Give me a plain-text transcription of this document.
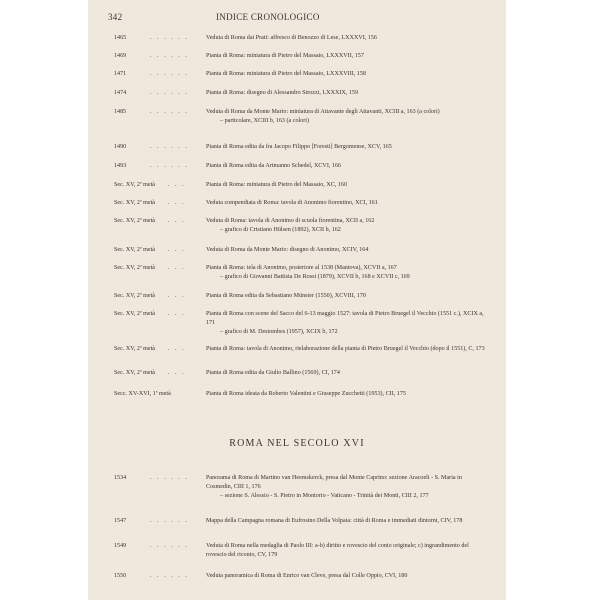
342	INDICE CRONOLOGICO
1465	. . . . . .	Veduta di Roma dai Prati: affresco di Benozzo di Lese, LXXXVI, 156
1469	. . . . . .	Pianta di Roma: miniatura di Pietro del Massaio, LXXXVII, 157
1471	. . . . . .	Pianta di Roma: miniatura di Pietro del Massaio, LXXXVIII, 158
1474	. . . . . .	Pianta di Roma: disegno di Alessandro Strozzi, LXXXIX, 159
1485	. . . . . .	Veduta di Roma da Monte Mario: miniatura di Attavante degli Attavanti, XCIII a, 163 (a colori)
– particolare, XCIII b, 163 (a colori)
1490	. . . . . .	Pianta di Roma edita da fra Jacopo Filippo [Foresti] Bergomense, XCV, 165
1493	. . . . . .	Pianta di Roma edita da Artmanno Schedel, XCVI, 166
Sec. XV, 2ª metà . . .	Pianta di Roma: miniatura di Pietro del Massaio, XC, 160
Sec. XV, 2ª metà . . .	Veduta compendiata di Roma: tavola di Anonimo fiorentino, XCI, 161
Sec. XV, 2ª metà . . .	Veduta di Roma: tavola di Anonimo di scuola fiorentina, XCII a, 162
– grafico di Cristiano Hülsen (1892), XCII b, 162
Sec. XV, 2ª metà . . .	Veduta di Roma da Monte Mario: disegno di Anonimo, XCIV, 164
Sec. XV, 2ª metà . . .	Pianta di Roma: tela di Anonimo, posteriore al 1538 (Mantova), XCVII a, 167
– grafico di Giovanni Battista De Rossi (1879), XCVII b, 168 e XCVII c, 169
Sec. XV, 2ª metà . . .	Pianta di Roma edita da Sebastiano Münster (1550), XCVIII, 170
Sec. XV, 2ª metà . . .	Pianta di Roma con scene del Sacco del 6-13 maggio 1527: tavola di Pietro Bruegel il Vecchio (1551 c.), XCIX a, 171
– grafico di M. Destombes (1957), XCIX b, 172
Sec. XV, 2ª metà . . .	Pianta di Roma: tavola di Anonimo, rielaborazione della pianta di Pietro Bruegel il Vecchio (dopo il 1551), C, 173
Sec. XV, 2ª metà . . .	Pianta di Roma edita da Giulio Ballino (1569), CI, 174
Secc. XV-XVI, 1ª metà	Pianta di Roma ideata da Roberto Valentini e Giuseppe Zucchetti (1953), CII, 175
ROMA NEL SECOLO XVI
1534	. . . . . .	Panorama di Roma di Martino van Heemskerck, presa dal Monte Caprino: sezione Aracoeli - S. Maria in Cosmedin, CIII 1, 176
– sezione S. Alessio - S. Pietro in Montorio - Vaticano - Trinità dei Monti, CIII 2, 177
1547	. . . . . .	Mappa della Campagna romana di Eufrosino Della Volpaia: città di Roma e immediati dintorni, CIV, 178
1549	. . . . . .	Veduta di Roma nella medaglia di Paolo III: a-b) diritto e rovescio del conio originale; c) ingrandimento del rovescio del riconio, CV, 179
1550	. . . . . .	Veduta panoramica di Roma di Enrico van Cleve, presa dal Colle Oppio, CVI, 180
